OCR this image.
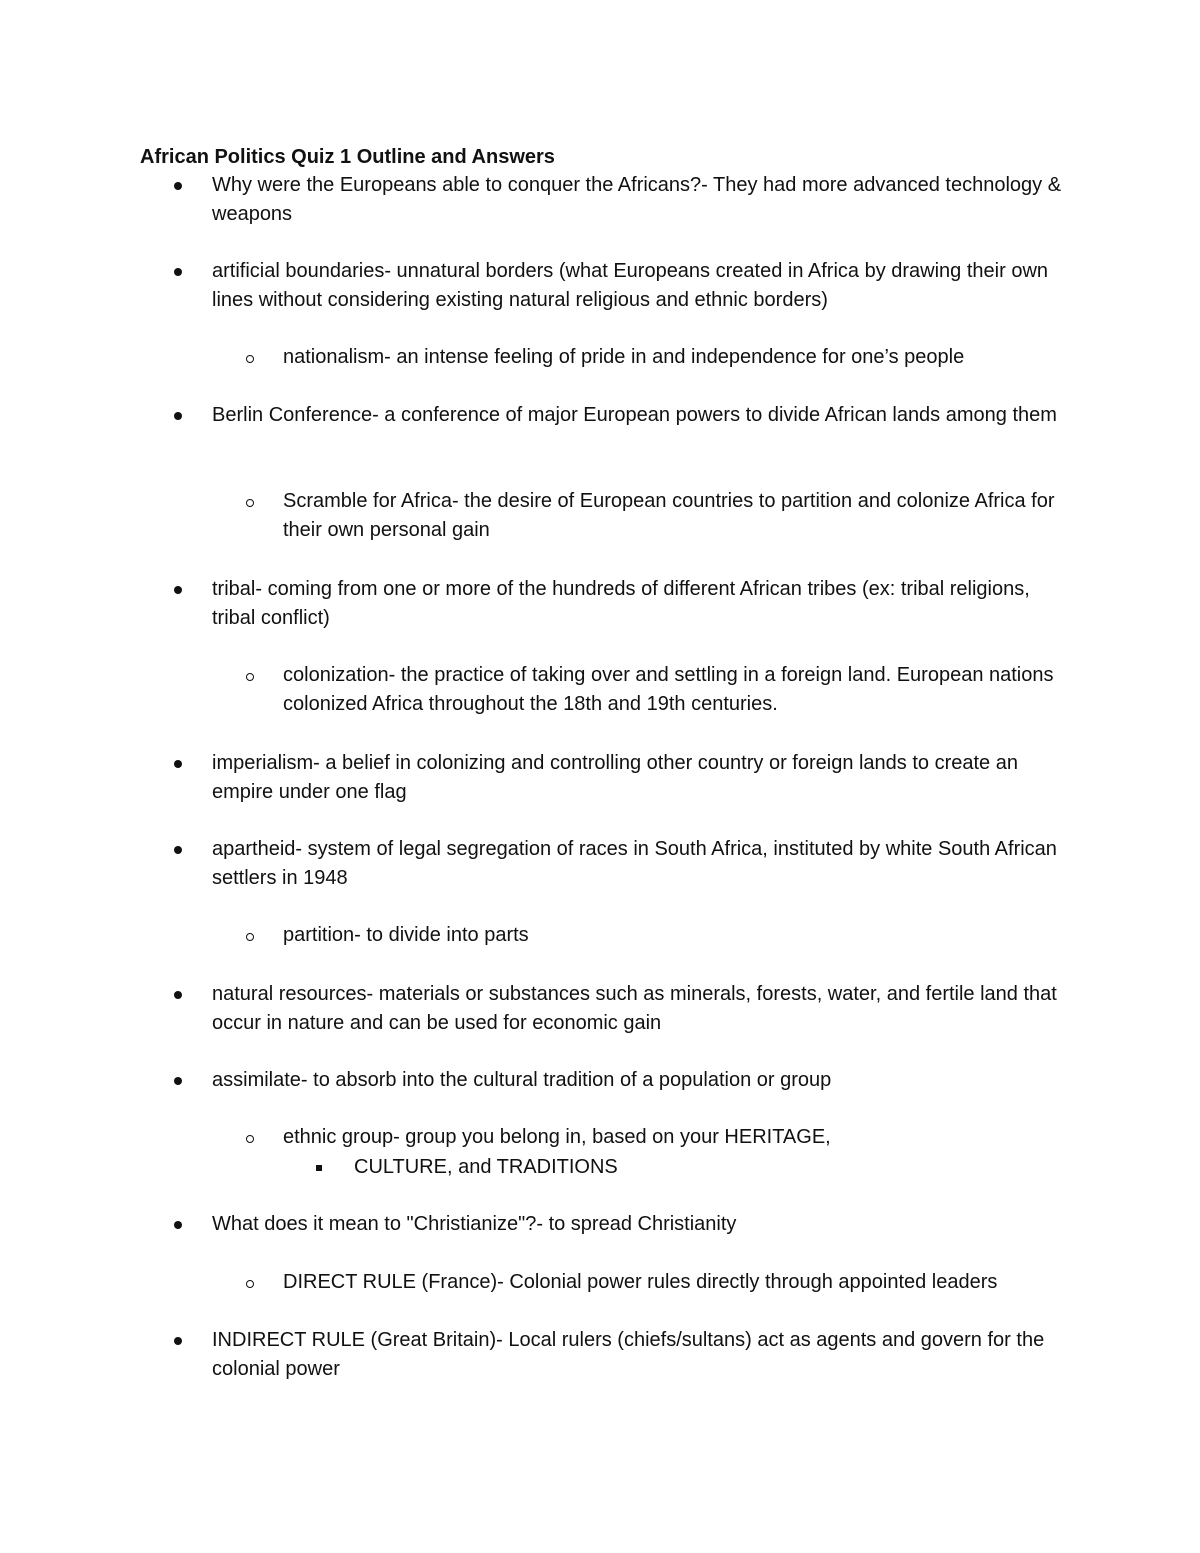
African Politics Quiz 1 Outline and Answers
Why were the Europeans able to conquer the Africans?- They had more advanced technology & weapons
artificial boundaries- unnatural borders (what Europeans created in Africa by drawing their own lines without considering existing natural religious and ethnic borders)
nationalism- an intense feeling of pride in and independence for one’s people
Berlin Conference- a conference of major European powers to divide African lands among them
Scramble for Africa- the desire of European countries to partition and colonize Africa for their own personal gain
tribal- coming from one or more of the hundreds of different African tribes (ex: tribal religions, tribal conflict)
colonization- the practice of taking over and settling in a foreign land. European nations colonized Africa throughout the 18th and 19th centuries.
imperialism- a belief in colonizing and controlling other country or foreign lands to create an empire under one flag
apartheid- system of legal segregation of races in South Africa, instituted by white South African settlers in 1948
partition- to divide into parts
natural resources- materials or substances such as minerals, forests, water, and fertile land that occur in nature and can be used for economic gain
assimilate- to absorb into the cultural tradition of a population or group
ethnic group- group you belong in, based on your HERITAGE,
CULTURE, and TRADITIONS
What does it mean to "Christianize"?- to spread Christianity
DIRECT RULE (France)- Colonial power rules directly through appointed leaders
INDIRECT RULE (Great Britain)- Local rulers (chiefs/sultans) act as agents and govern for the colonial power
